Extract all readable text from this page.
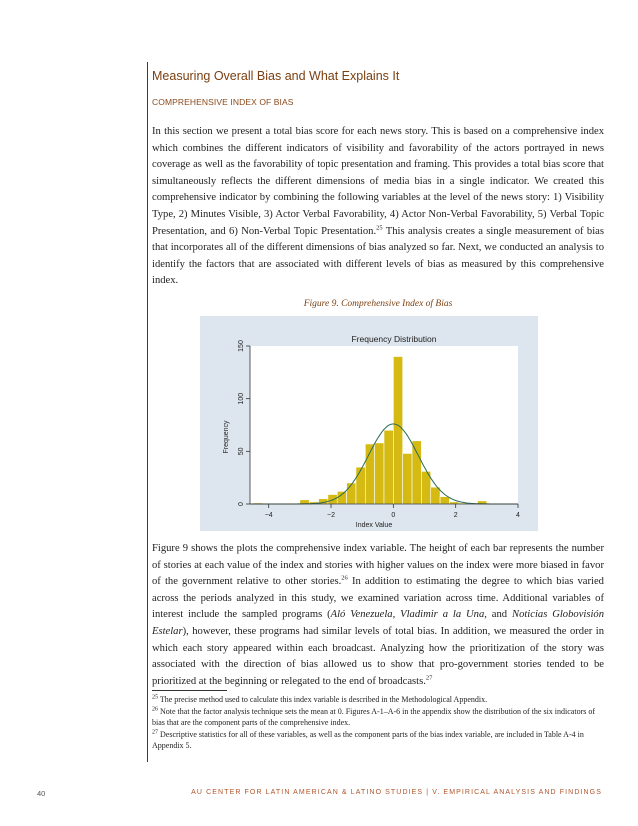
Measuring Overall Bias and What Explains It
COMPREHENSIVE INDEX OF BIAS
In this section we present a total bias score for each news story. This is based on a comprehensive index which combines the different indicators of visibility and favorability of the actors portrayed in news coverage as well as the favorability of topic presentation and framing. This provides a total bias score that simultaneously reflects the different dimensions of media bias in a single indicator. We created this comprehensive indicator by combining the following variables at the level of the news story: 1) Visibility Type, 2) Minutes Visible, 3) Actor Verbal Favorability, 4) Actor Non-Verbal Favorability, 5) Verbal Topic Presentation, and 6) Non-Verbal Topic Presentation.$^{25}$ This analysis creates a single measurement of bias that incorporates all of the different dimensions of bias analyzed so far. Next, we conducted an analysis to identify the factors that are associated with different levels of bias as measured by this comprehensive index.
Figure 9. Comprehensive Index of Bias
Frequency Distribution
−4	−2	0	2	4
0
50
100
150
Index Value
Frequency
Figure 9 shows the plots the comprehensive index variable. The height of each bar represents the number of stories at each value of the index and stories with higher values on the index were more biased in favor of the government relative to other stories.$^{26}$ In addition to estimating the degree to which bias varied across the periods analyzed in this study, we examined variation across time. Additional variables of interest include the sampled programs (Aló Venezuela, Vladimir a la Una, and Noticias Globovisión Estelar), however, these programs had similar levels of total bias. In addition, we measured the order in which each story appeared within each broadcast. Analyzing how the prioritization of the story was associated with the direction of bias allowed us to show that pro-government stories tended to be prioritized at the beginning or relegated to the end of broadcasts.$^{27}$

$^{25}$ The precise method used to calculate this index variable is described in the Methodological Appendix.

$^{26}$ Note that the factor analysis technique sets the mean at 0. Figures A-1–A-6 in the appendix show the distribution of the six indicators of bias that are the component parts of the comprehensive index.

$^{27}$ Descriptive statistics for all of these variables, as well as the component parts of the bias index variable, are included in Table A-4 in Appendix 5.

40	AU CENTER FOR LATIN AMERICAN & LATINO STUDIES | V. EMPIRICAL ANALYSIS AND FINDINGS
